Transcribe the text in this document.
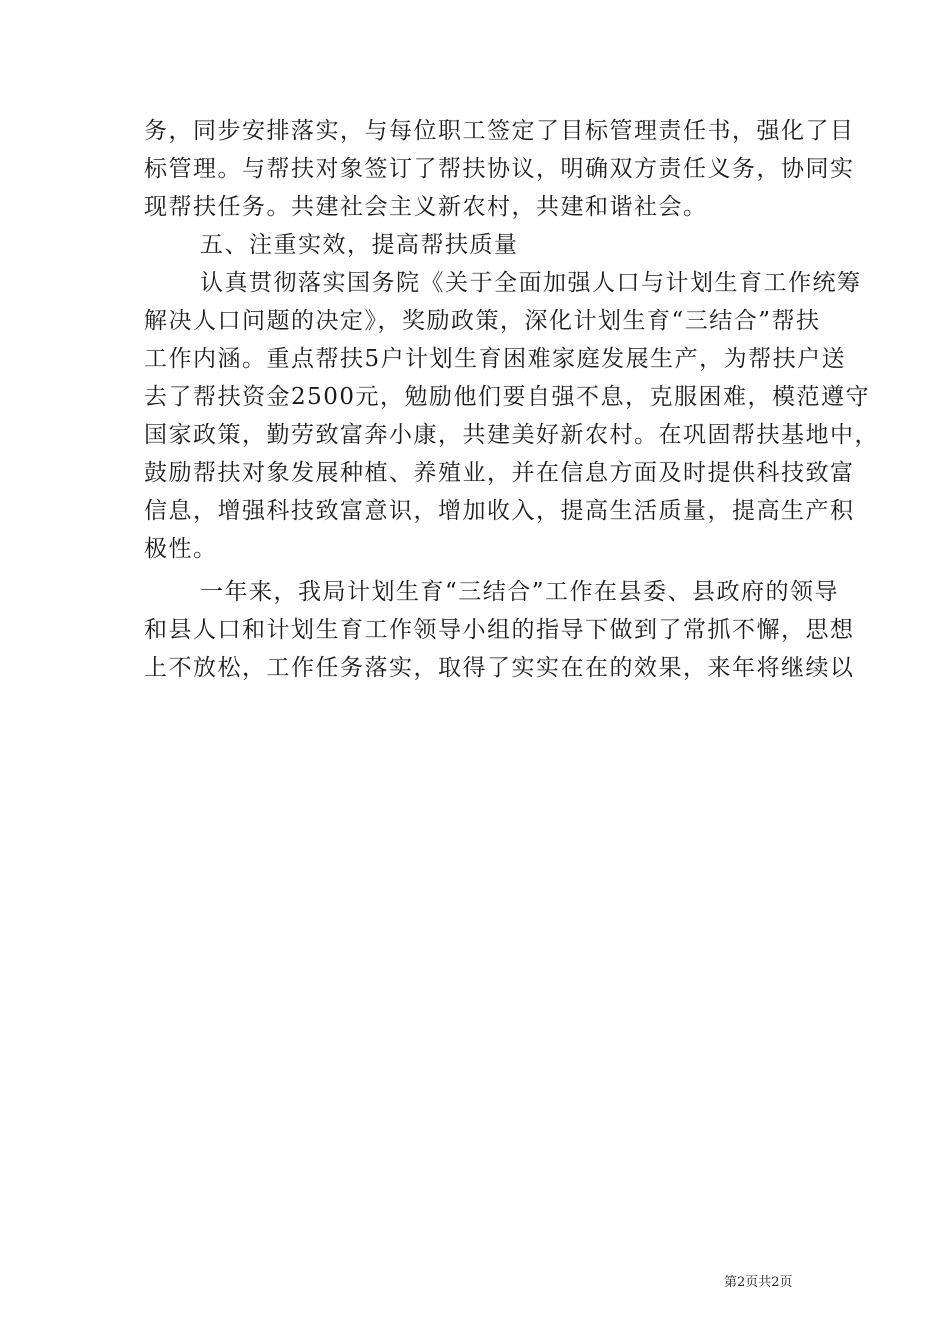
务，同步安排落实，与每位职工签定了目标管理责任书，强化了目
标管理。与帮扶对象签订了帮扶协议，明确双方责任义务，协同实
现帮扶任务。共建社会主义新农村，共建和谐社会。
五、注重实效，提高帮扶质量
认真贯彻落实国务院《关于全面加强人口与计划生育工作统筹
解决人口问题的决定》，奖励政策，深化计划生育“三结合”帮扶
工作内涵。重点帮扶5户计划生育困难家庭发展生产，为帮扶户送
去了帮扶资金2500元，勉励他们要自强不息，克服困难，模范遵守
国家政策，勤劳致富奔小康，共建美好新农村。在巩固帮扶基地中，
鼓励帮扶对象发展种植、养殖业，并在信息方面及时提供科技致富
信息，增强科技致富意识，增加收入，提高生活质量，提高生产积
极性。
一年来，我局计划生育“三结合”工作在县委、县政府的领导
和县人口和计划生育工作领导小组的指导下做到了常抓不懈，思想
上不放松，工作任务落实，取得了实实在在的效果，来年将继续以
第2页共2页
